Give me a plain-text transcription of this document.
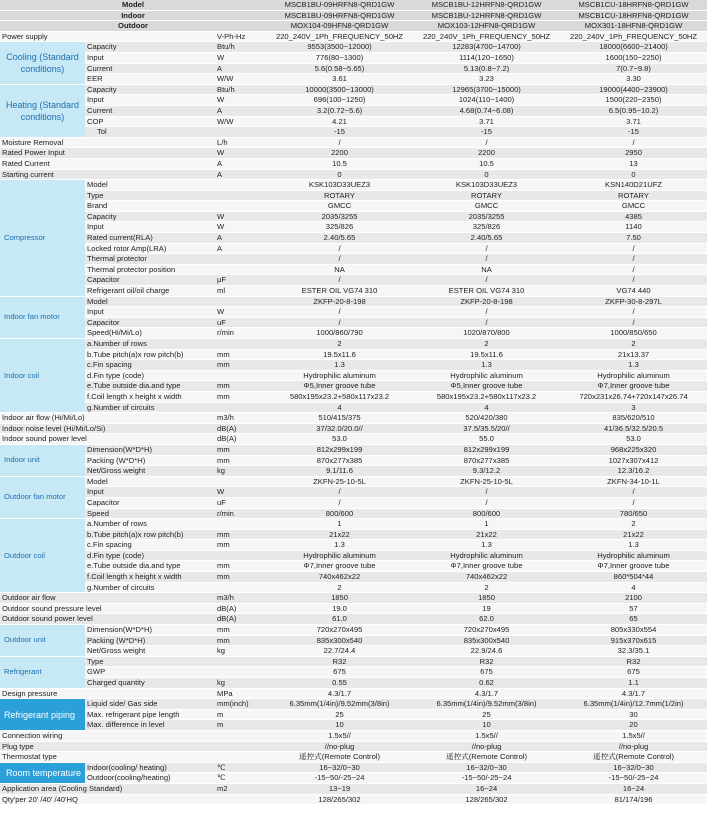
Model			MSCB1BU-09HRFN8-QRD1GW	MSCB1BU-12HRFN8-QRD1GW	MSCB1CU-18HRFN8-QRD1GW
Indoor			MSCB1BU-09HRFN8-QRD1GW	MSCB1BU-12HRFN8-QRD1GW	MSCB1CU-18HRFN8-QRD1GW
Outdoor			MOX104-09HFN8-QRD1GW	MOX103-12HFN8-QRD1GW	MOX301-18HFN8-QRD1GW
Power supply		V-Ph-Hz	220_240V_1Ph_FREQUENCY_50HZ	220_240V_1Ph_FREQUENCY_50HZ	220_240V_1Ph_FREQUENCY_50HZ
Cooling (Standard conditions)	Capacity	Btu/h	9553(3500~12000)	12283(4700~14700)	18000(6600~21400)
	Input	W	776(80~1300)	1114(120~1650)	1600(150~2250)
	Current	A	5.6(0.58~5.65)	5.13(0.8~7.2)	7(0.7~9.8)
	EER	W/W	3.61	3.23	3.30
Heating (Standard conditions)	Capacity	Btu/h	10000(3500~13000)	12965(3700~15000)	19000(4400~23900)
	Input	W	696(100~1250)	1024(110~1400)	1500(220~2350)
	Current	A	3.2(0.72~5.6)	4.68(0.74~6.08)	6.5(0.95~10.2)
	COP	W/W	4.21	3.71	3.71
	Tol		-15	-15	-15
Moisture Removal		L/h	/	/	/
Rated Power Input		W	2200	2200	2950
Rated Current		A	10.5	10.5	13
Starting current		A	0	0	0
Compressor	Model		KSK103D33UEZ3	KSK103D33UEZ3	KSN140D21UFZ
	Type		ROTARY	ROTARY	ROTARY
	Brand		GMCC	GMCC	GMCC
	Capacity	W	2035/3255	2035/3255	4385
	Input	W	325/826	325/826	1140
	Rated current(RLA)	A	2.40/5.65	2.40/5.65	7.50
	Locked rotor Amp(LRA)	A	/	/	/
	Thermal protector		/	/	/
	Thermal protector position		NA	NA	/
	Capacitor	μF	/	/	/
	Refrigerant oil/oil charge	ml	ESTER OIL VG74 310	ESTER OIL VG74 310	VG74 440
Indoor fan motor	Model		ZKFP-20-8-198	ZKFP-20-8-198	ZKFP-30-8-297L
	Input	W	/	/	/
	Capacitor	uF	/	/	/
	Speed(Hi/Mi/Lo)	r/min	1000/860/790	1020/870/800	1000/850/650
Indoor coil	a.Number of rows		2	2	2
	b.Tube pitch(a)x row pitch(b)	mm	19.5x11.6	19.5x11.6	21x13.37
	c.Fin spacing	mm	1.3	1.3	1.3
	d.Fin type (code)		Hydrophilic aluminum	Hydrophilic aluminum	Hydrophilic aluminum
	e.Tube outside dia.and type	mm	Φ5,Inner groove tube	Φ5,Inner groove tube	Φ7,Inner groove tube
	f.Coil length x height x width	mm	580x195x23.2+580x117x23.2	580x195x23.2+580x117x23.2	720x231x26.74+720x147x26.74
	g.Number of circuits		4	4	3
Indoor air flow (Hi/Mi/Lo)		m3/h	510/415/375	520/420/380	835/620/510
Indoor noise level (Hi/Mi/Lo/Si)		dB(A)	37/32.0/20.0//	37.5/35.5/20//	41/36.5/32.5/20.5
Indoor sound power level		dB(A)	53.0	55.0	53.0
Indoor unit	Dimension(W*D*H)	mm	812x299x199	812x299x199	968x225x320
	Packing (W*D*H)	mm	870x277x385	870x277x385	1027x307x412
	Net/Gross weight	kg	9.1/11.6	9.3/12.2	12.3/16.2
Outdoor fan motor	Model		ZKFN-25-10-5L	ZKFN-25-10-5L	ZKFN-34-10-1L
	Input	W	/	/	/
	Capacitor	uF	/	/	/
	Speed	r/min	800/600	800/600	780/650
Outdoor coil	a.Number of rows		1	1	2
	b.Tube pitch(a)x row pitch(b)	mm	21x22	21x22	21x22
	c.Fin spacing	mm	1.3	1.3	1.3
	d.Fin type (code)		Hydrophilic aluminum	Hydrophilic aluminum	Hydrophilic aluminum
	e.Tube outside dia.and type	mm	Φ7,Inner groove tube	Φ7,Inner groove tube	Φ7,Inner groove tube
	f.Coil length x height x width	mm	740x462x22	740x462x22	860*504*44
	g.Number of circuits		2	2	4
Outdoor air flow		m3/h	1850	1850	2100
Outdoor sound pressure level		dB(A)	19.0	19	57
Outdoor sound power level		dB(A)	61.0	62.0	65
Outdoor unit	Dimension(W*D*H)	mm	720x270x495	720x270x495	805x330x554
	Packing (W*D*H)	mm	835x300x540	835x300x540	915x370x615
	Net/Gross weight	kg	22.7/24.4	22.9/24.6	32.3/35.1
Refrigerant	Type		R32	R32	R32
	GWP		675	675	675
	Charged quantity	kg	0.55	0.62	1.1
Design pressure		MPa	4.3/1.7	4.3/1.7	4.3/1.7
Refrigerant piping	Liquid side/ Gas side	mm(inch)	6.35mm(1/4in)/9.52mm(3/8in)	6.35mm(1/4in)/9.52mm(3/8in)	6.35mm(1/4in)/12.7mm(1/2in)
	Max. refrigerant pipe length	m	25	25	30
	Max. difference in level	m	10	10	20
Connection wiring			1.5x5//	1.5x5//	1.5x5//
Plug type			//no-plug	//no-plug	//no-plug
Thermostat type			遥控式(Remote Control)	遥控式(Remote Control)	遥控式(Remote Control)
Room temperature	Indoor(cooling/ heating)	℃	16~32/0~30	16~32/0~30	16~32/0~30
	Outdoor(cooling/heating)	℃	-15~50/-25~24	-15~50/-25~24	-15~50/-25~24
Application area (Cooling Standard)		m2	13~19	16~24	16~24
Qty'per 20' /40' /40'HQ			128/265/302	128/265/302	81/174/196
